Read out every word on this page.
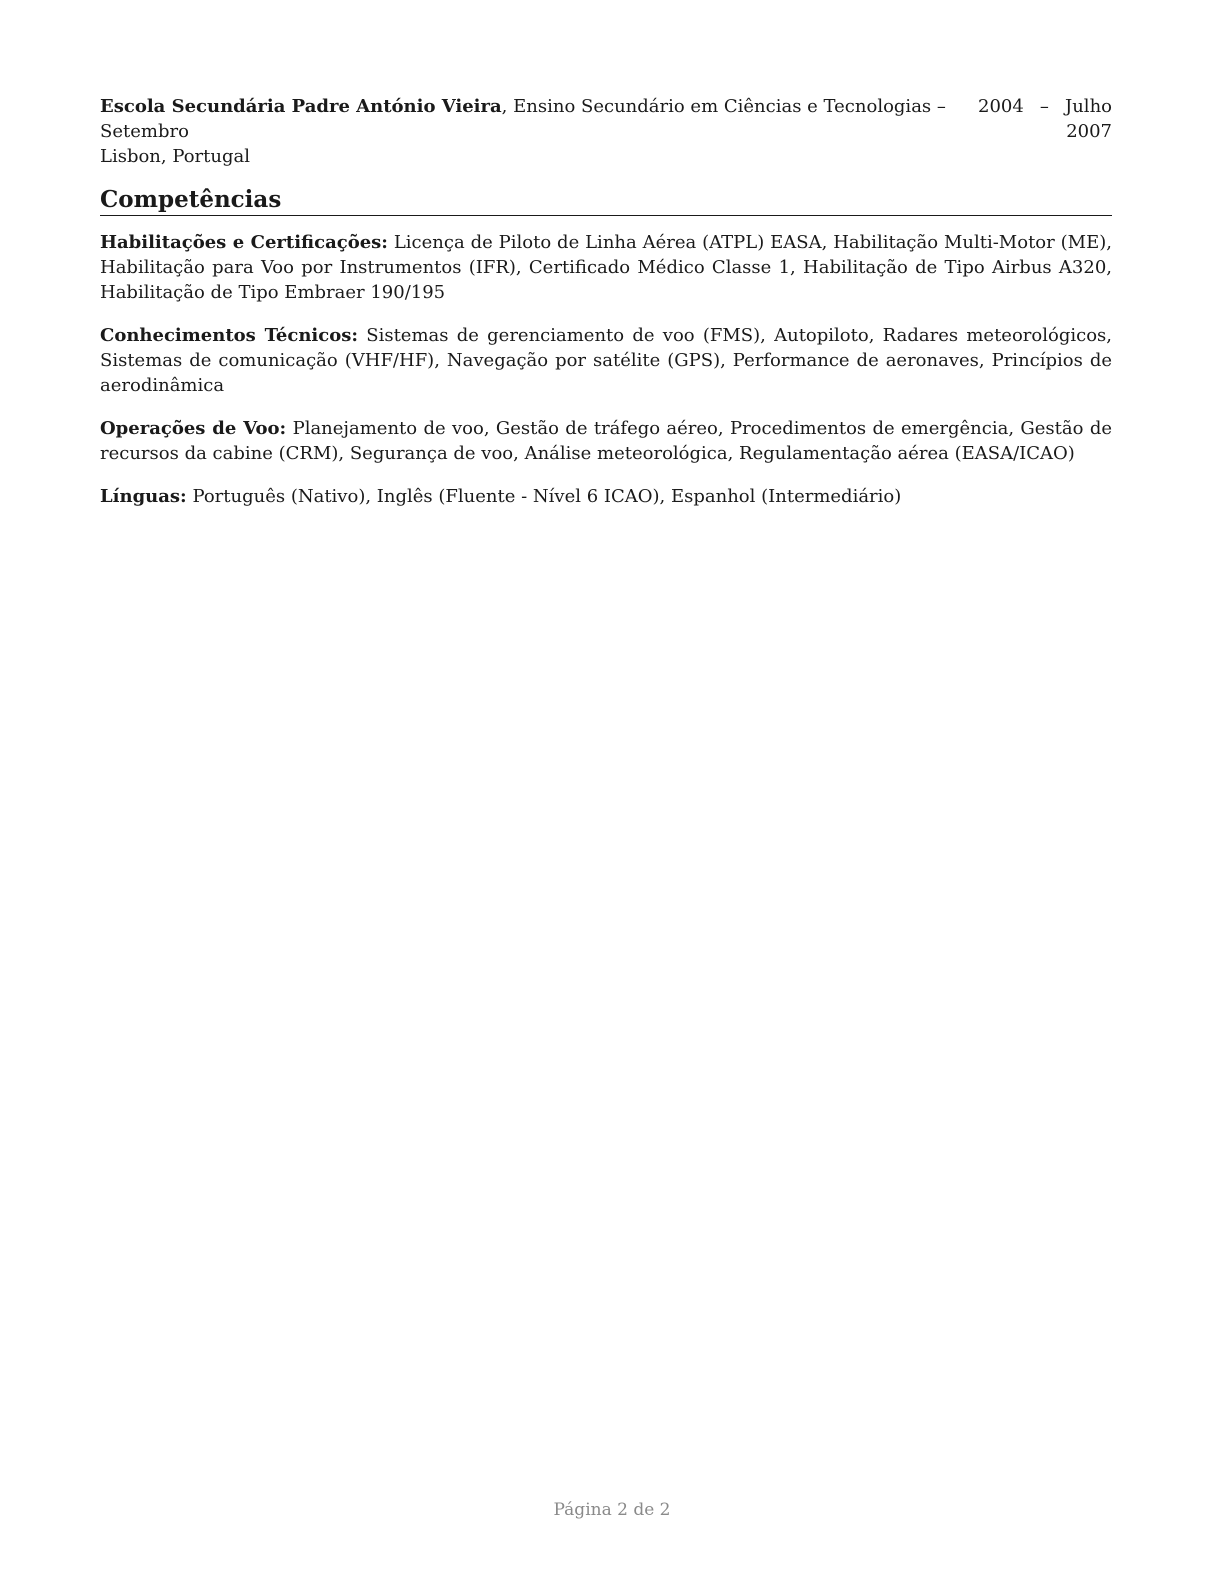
Escola Secundária Padre António Vieira, Ensino Secundário em Ciências e Tecnologias – Setembro
Lisbon, Portugal
2004 – Julho 2007
Competências

Habilitações e Certificações: Licença de Piloto de Linha Aérea (ATPL) EASA, Habilitação Multi-Motor (ME), Habilitação para Voo por Instrumentos (IFR), Certificado Médico Classe 1, Habilitação de Tipo Airbus A320, Habilitação de Tipo Embraer 190/195

Conhecimentos Técnicos: Sistemas de gerenciamento de voo (FMS), Autopiloto, Radares meteorológicos, Sistemas de comunicação (VHF/HF), Navegação por satélite (GPS), Performance de aeronaves, Princípios de aerodinâmica

Operações de Voo: Planejamento de voo, Gestão de tráfego aéreo, Procedimentos de emergência, Gestão de recursos da cabine (CRM), Segurança de voo, Análise meteorológica, Regulamentação aérea (EASA/ICAO)

Línguas: Português (Nativo), Inglês (Fluente - Nível 6 ICAO), Espanhol (Intermediário)

Página 2 de 2
